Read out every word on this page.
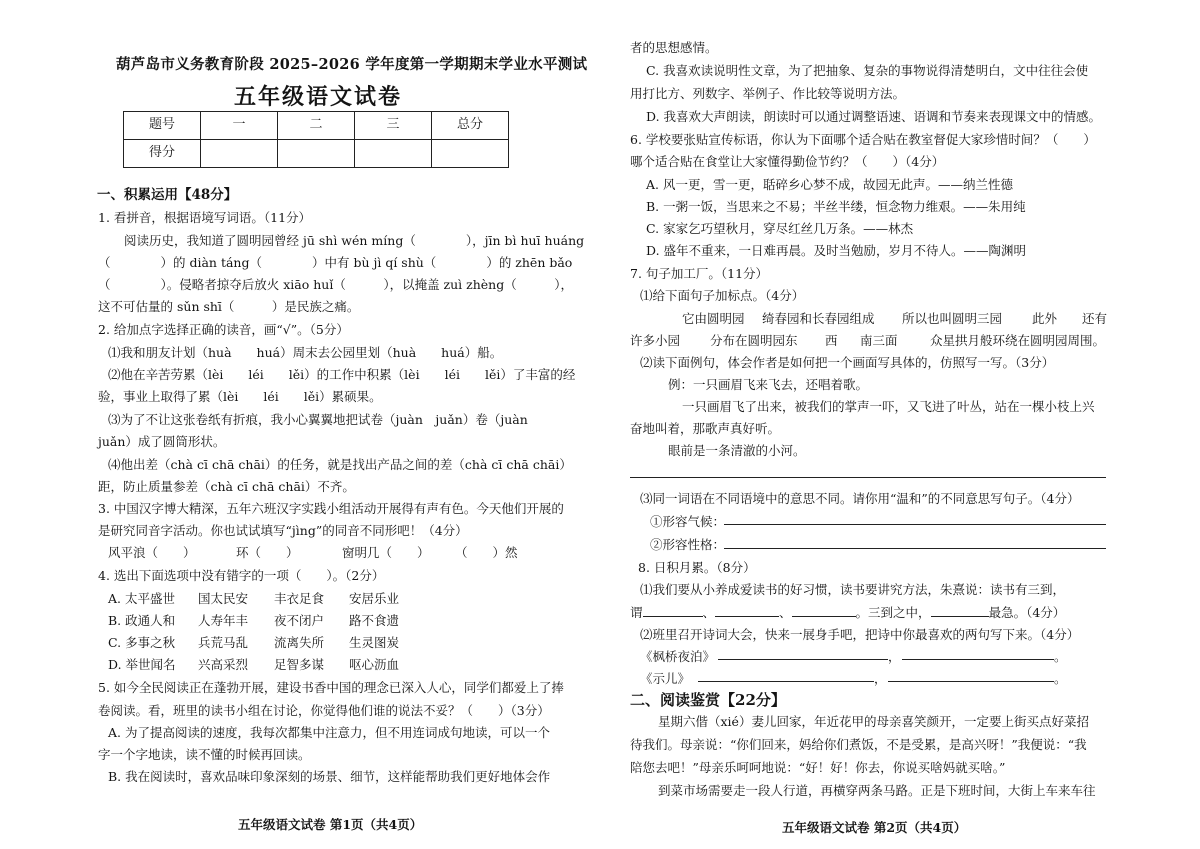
葫芦岛市义务教育阶段 2025–2026 学年度第一学期期末学业水平测试
五年级语文试卷
题号	一	二	三	总分
得分				
一、积累运用【48分】
1. 看拼音，根据语境写词语。（11分）
阅读历史，我知道了圆明园曾经 jū shì wén míng（　　　　），jīn bì huī huáng
（　　　　）的 diàn táng（　　　　）中有 bù jì qí shù（　　　　）的 zhēn bǎo
（　　　　）。侵略者掠夺后放火 xiāo huǐ（　　　），以掩盖 zuì zhèng（　　　），
这不可估量的 sǔn shī（　　　）是民族之痛。
2. 给加点字选择正确的读音，画“√”。（5分）
⑴我和朋友计划（huà　　huá）周末去公园里划（huà　　huá）船。
⑵他在辛苦劳累（lèi　　léi　　lěi）的工作中积累（lèi　　léi　　lěi）了丰富的经
验，事业上取得了累（lèi　　léi　　lěi）累硕果。
⑶为了不让这张卷纸有折痕，我小心翼翼地把试卷（juàn　juǎn）卷（juàn
juǎn）成了圆筒形状。
⑷他出差（chà cī chā chāi）的任务，就是找出产品之间的差（chà cī chā chāi）
距，防止质量参差（chà cī chā chāi）不齐。
3. 中国汉字博大精深，五年六班汉字实践小组活动开展得有声有色。今天他们开展的
是研究同音字活动。你也试试填写“jìng”的同音不同形吧！（4分）
风平浪（　　）	环（　　）	窗明几（　　） （　　）然
4. 选出下面选项中没有错字的一项（　　）。（2分）
A. 太平盛世 国太民安 丰衣足食 安居乐业
B. 政通人和 人寿年丰 夜不闭户 路不食遗
C. 多事之秋 兵荒马乱 流离失所 生灵图炭
D. 举世闻名 兴高采烈 足智多谋 呕心沥血
5. 如今全民阅读正在蓬勃开展，建设书香中国的理念已深入人心，同学们都爱上了捧
卷阅读。看，班里的读书小组在讨论，你觉得他们谁的说法不妥？（　　）（3分）
A. 为了提高阅读的速度，我每次都集中注意力，但不用连词成句地读，可以一个
字一个字地读，读不懂的时候再回读。
B. 我在阅读时，喜欢品味印象深刻的场景、细节，这样能帮助我们更好地体会作
五年级语文试卷 第1页（共4页）
者的思想感情。
C. 我喜欢读说明性文章，为了把抽象、复杂的事物说得清楚明白，文中往往会使
用打比方、列数字、举例子、作比较等说明方法。
D. 我喜欢大声朗读，朗读时可以通过调整语速、语调和节奏来表现课文中的情感。
6. 学校要张贴宣传标语，你认为下面哪个适合贴在教室督促大家珍惜时间？（　　）
哪个适合贴在食堂让大家懂得勤俭节约？（　　）（4分）
A. 风一更，雪一更，聒碎乡心梦不成，故园无此声。——纳兰性德
B. 一粥一饭，当思来之不易；半丝半缕，恒念物力维艰。——朱用纯
C. 家家乞巧望秋月，穿尽红丝几万条。——林杰
D. 盛年不重来，一日难再晨。及时当勉励，岁月不待人。——陶渊明
7. 句子加工厂。（11分）
⑴给下面句子加标点。（4分）
它由圆明园 绮春园和长春园组成 所以也叫圆明三园 此外 还有
许多小园 分布在圆明园东 西 南三面	众星拱月般环绕在圆明园周围。
⑵读下面例句，体会作者是如何把一个画面写具体的，仿照写一写。（3分）
例：一只画眉飞来飞去，还唱着歌。
一只画眉飞了出来，被我们的掌声一吓，又飞进了叶丛，站在一棵小枝上兴
奋地叫着，那歌声真好听。
眼前是一条清澈的小河。
⑶同一词语在不同语境中的意思不同。请你用“温和”的不同意思写句子。（4分）
①形容气候：
②形容性格：
8. 日积月累。（8分）
⑴我们要从小养成爱读书的好习惯，读书要讲究方法，朱熹说：读书有三到，
谓	、	、	。三到之中，	最急。（4分）
⑵班里召开诗词大会，快来一展身手吧，把诗中你最喜欢的两句写下来。（4分）
《枫桥夜泊》	，	。
《示儿》	，	。
二、阅读鉴赏【22分】
星期六偕（xié）妻儿回家，年近花甲的母亲喜笑颜开，一定要上街买点好菜招
待我们。母亲说：“你们回来，妈给你们煮饭，不是受累，是高兴呀！”我便说：“我
陪您去吧！”母亲乐呵呵地说：“好！好！你去，你说买啥妈就买啥。”
到菜市场需要走一段人行道，再横穿两条马路。正是下班时间，大街上车来车往
五年级语文试卷 第2页（共4页）
